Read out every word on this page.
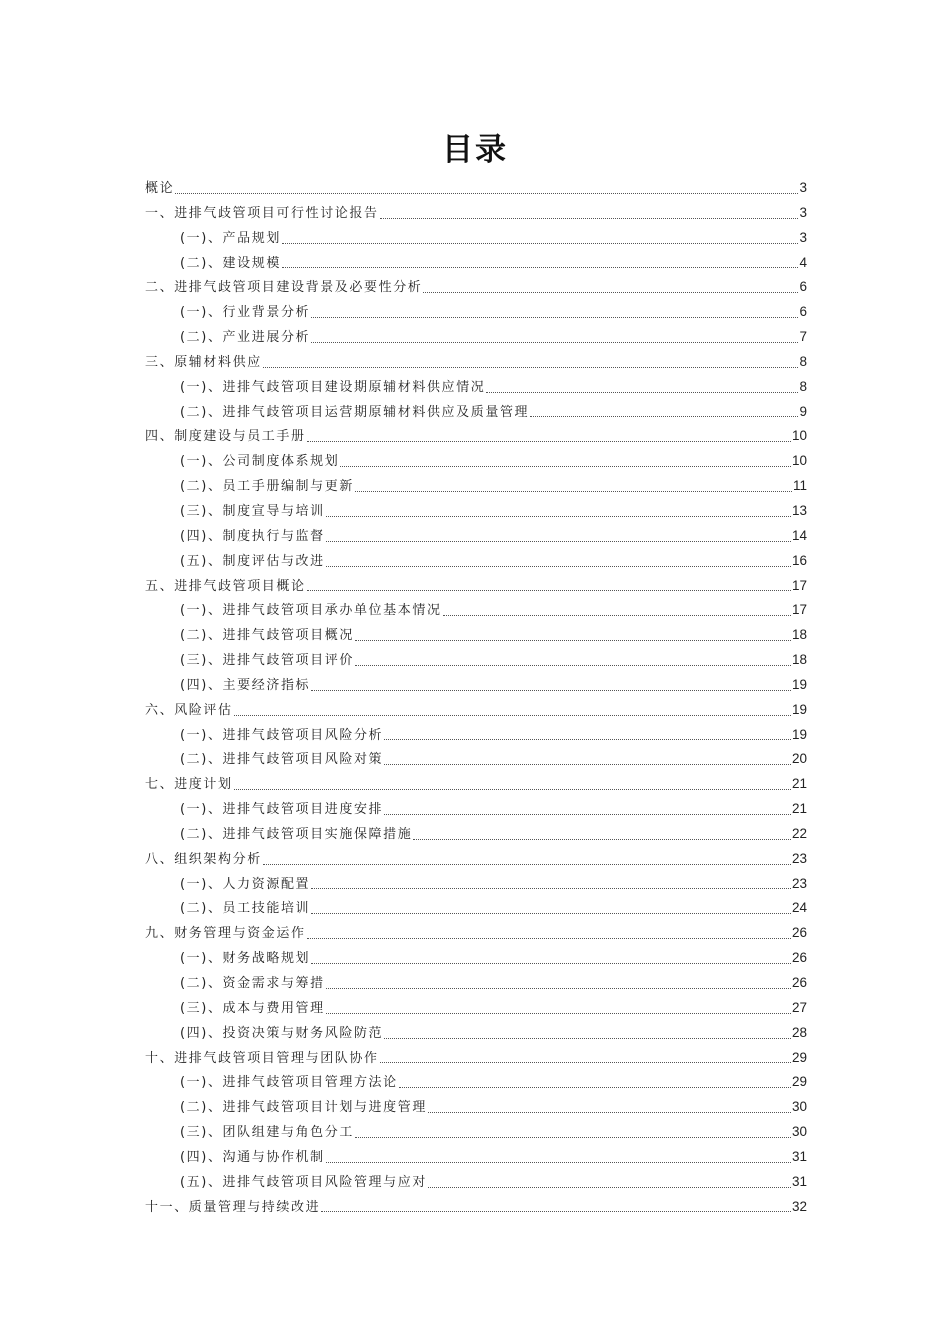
目录
概论	3
一、进排气歧管项目可行性讨论报告	3
(一)、产品规划	3
(二)、建设规模	4
二、进排气歧管项目建设背景及必要性分析	6
(一)、行业背景分析	6
(二)、产业进展分析	7
三、原辅材料供应	8
(一)、进排气歧管项目建设期原辅材料供应情况	8
(二)、进排气歧管项目运营期原辅材料供应及质量管理	9
四、制度建设与员工手册	10
(一)、公司制度体系规划	10
(二)、员工手册编制与更新	11
(三)、制度宣导与培训	13
(四)、制度执行与监督	14
(五)、制度评估与改进	16
五、进排气歧管项目概论	17
(一)、进排气歧管项目承办单位基本情况	17
(二)、进排气歧管项目概况	18
(三)、进排气歧管项目评价	18
(四)、主要经济指标	19
六、风险评估	19
(一)、进排气歧管项目风险分析	19
(二)、进排气歧管项目风险对策	20
七、进度计划	21
(一)、进排气歧管项目进度安排	21
(二)、进排气歧管项目实施保障措施	22
八、组织架构分析	23
(一)、人力资源配置	23
(二)、员工技能培训	24
九、财务管理与资金运作	26
(一)、财务战略规划	26
(二)、资金需求与筹措	26
(三)、成本与费用管理	27
(四)、投资决策与财务风险防范	28
十、进排气歧管项目管理与团队协作	29
(一)、进排气歧管项目管理方法论	29
(二)、进排气歧管项目计划与进度管理	30
(三)、团队组建与角色分工	30
(四)、沟通与协作机制	31
(五)、进排气歧管项目风险管理与应对	31
十一、质量管理与持续改进	32
